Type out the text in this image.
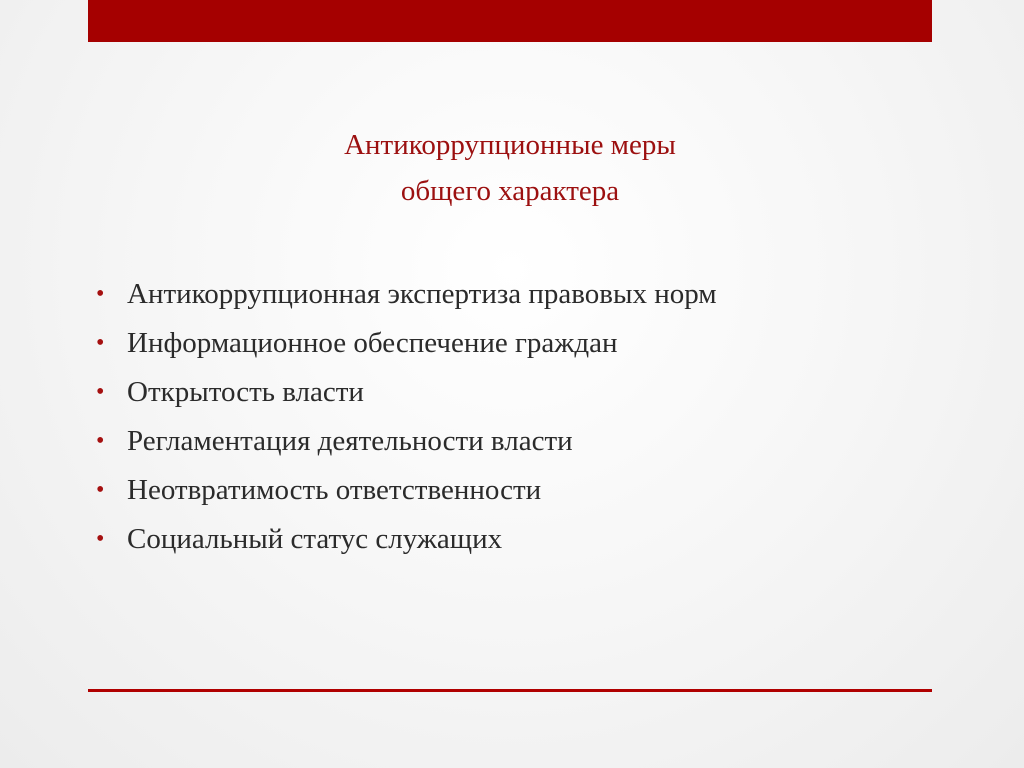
Антикоррупционные меры
общего характера
• Антикоррупционная экспертиза правовых норм
• Информационное обеспечение граждан
• Открытость власти
• Регламентация деятельности власти
• Неотвратимость ответственности
• Социальный статус служащих
